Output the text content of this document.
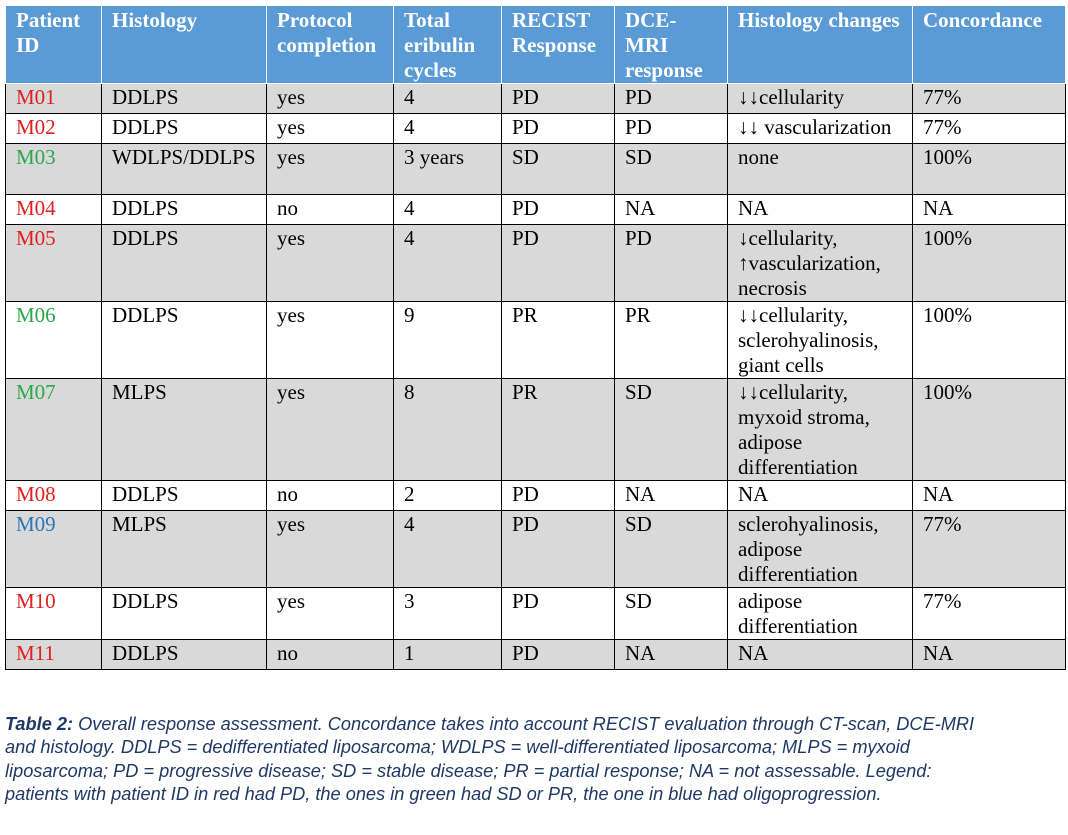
Patient ID	Histology	Protocol completion	Total eribulin cycles	RECIST Response	DCE-MRI response	Histology changes	Concordance
M01	DDLPS	yes	4	PD	PD	↓↓cellularity	77%
M02	DDLPS	yes	4	PD	PD	↓↓ vascularization	77%
M03	WDLPS/DDLPS	yes	3 years	SD	SD	none	100%
M04	DDLPS	no	4	PD	NA	NA	NA
M05	DDLPS	yes	4	PD	PD	↓cellularity, ↑vascularization, necrosis	100%
M06	DDLPS	yes	9	PR	PR	↓↓cellularity, sclerohyalinosis, giant cells	100%
M07	MLPS	yes	8	PR	SD	↓↓cellularity, myxoid stroma, adipose differentiation	100%
M08	DDLPS	no	2	PD	NA	NA	NA
M09	MLPS	yes	4	PD	SD	sclerohyalinosis, adipose differentiation	77%
M10	DDLPS	yes	3	PD	SD	adipose differentiation	77%
M11	DDLPS	no	1	PD	NA	NA	NA
Table 2: Overall response assessment. Concordance takes into account RECIST evaluation through CT-scan, DCE-MRI and histology. DDLPS = dedifferentiated liposarcoma; WDLPS = well-differentiated liposarcoma; MLPS = myxoid liposarcoma; PD = progressive disease; SD = stable disease; PR = partial response; NA = not assessable. Legend: patients with patient ID in red had PD, the ones in green had SD or PR, the one in blue had oligoprogression.
